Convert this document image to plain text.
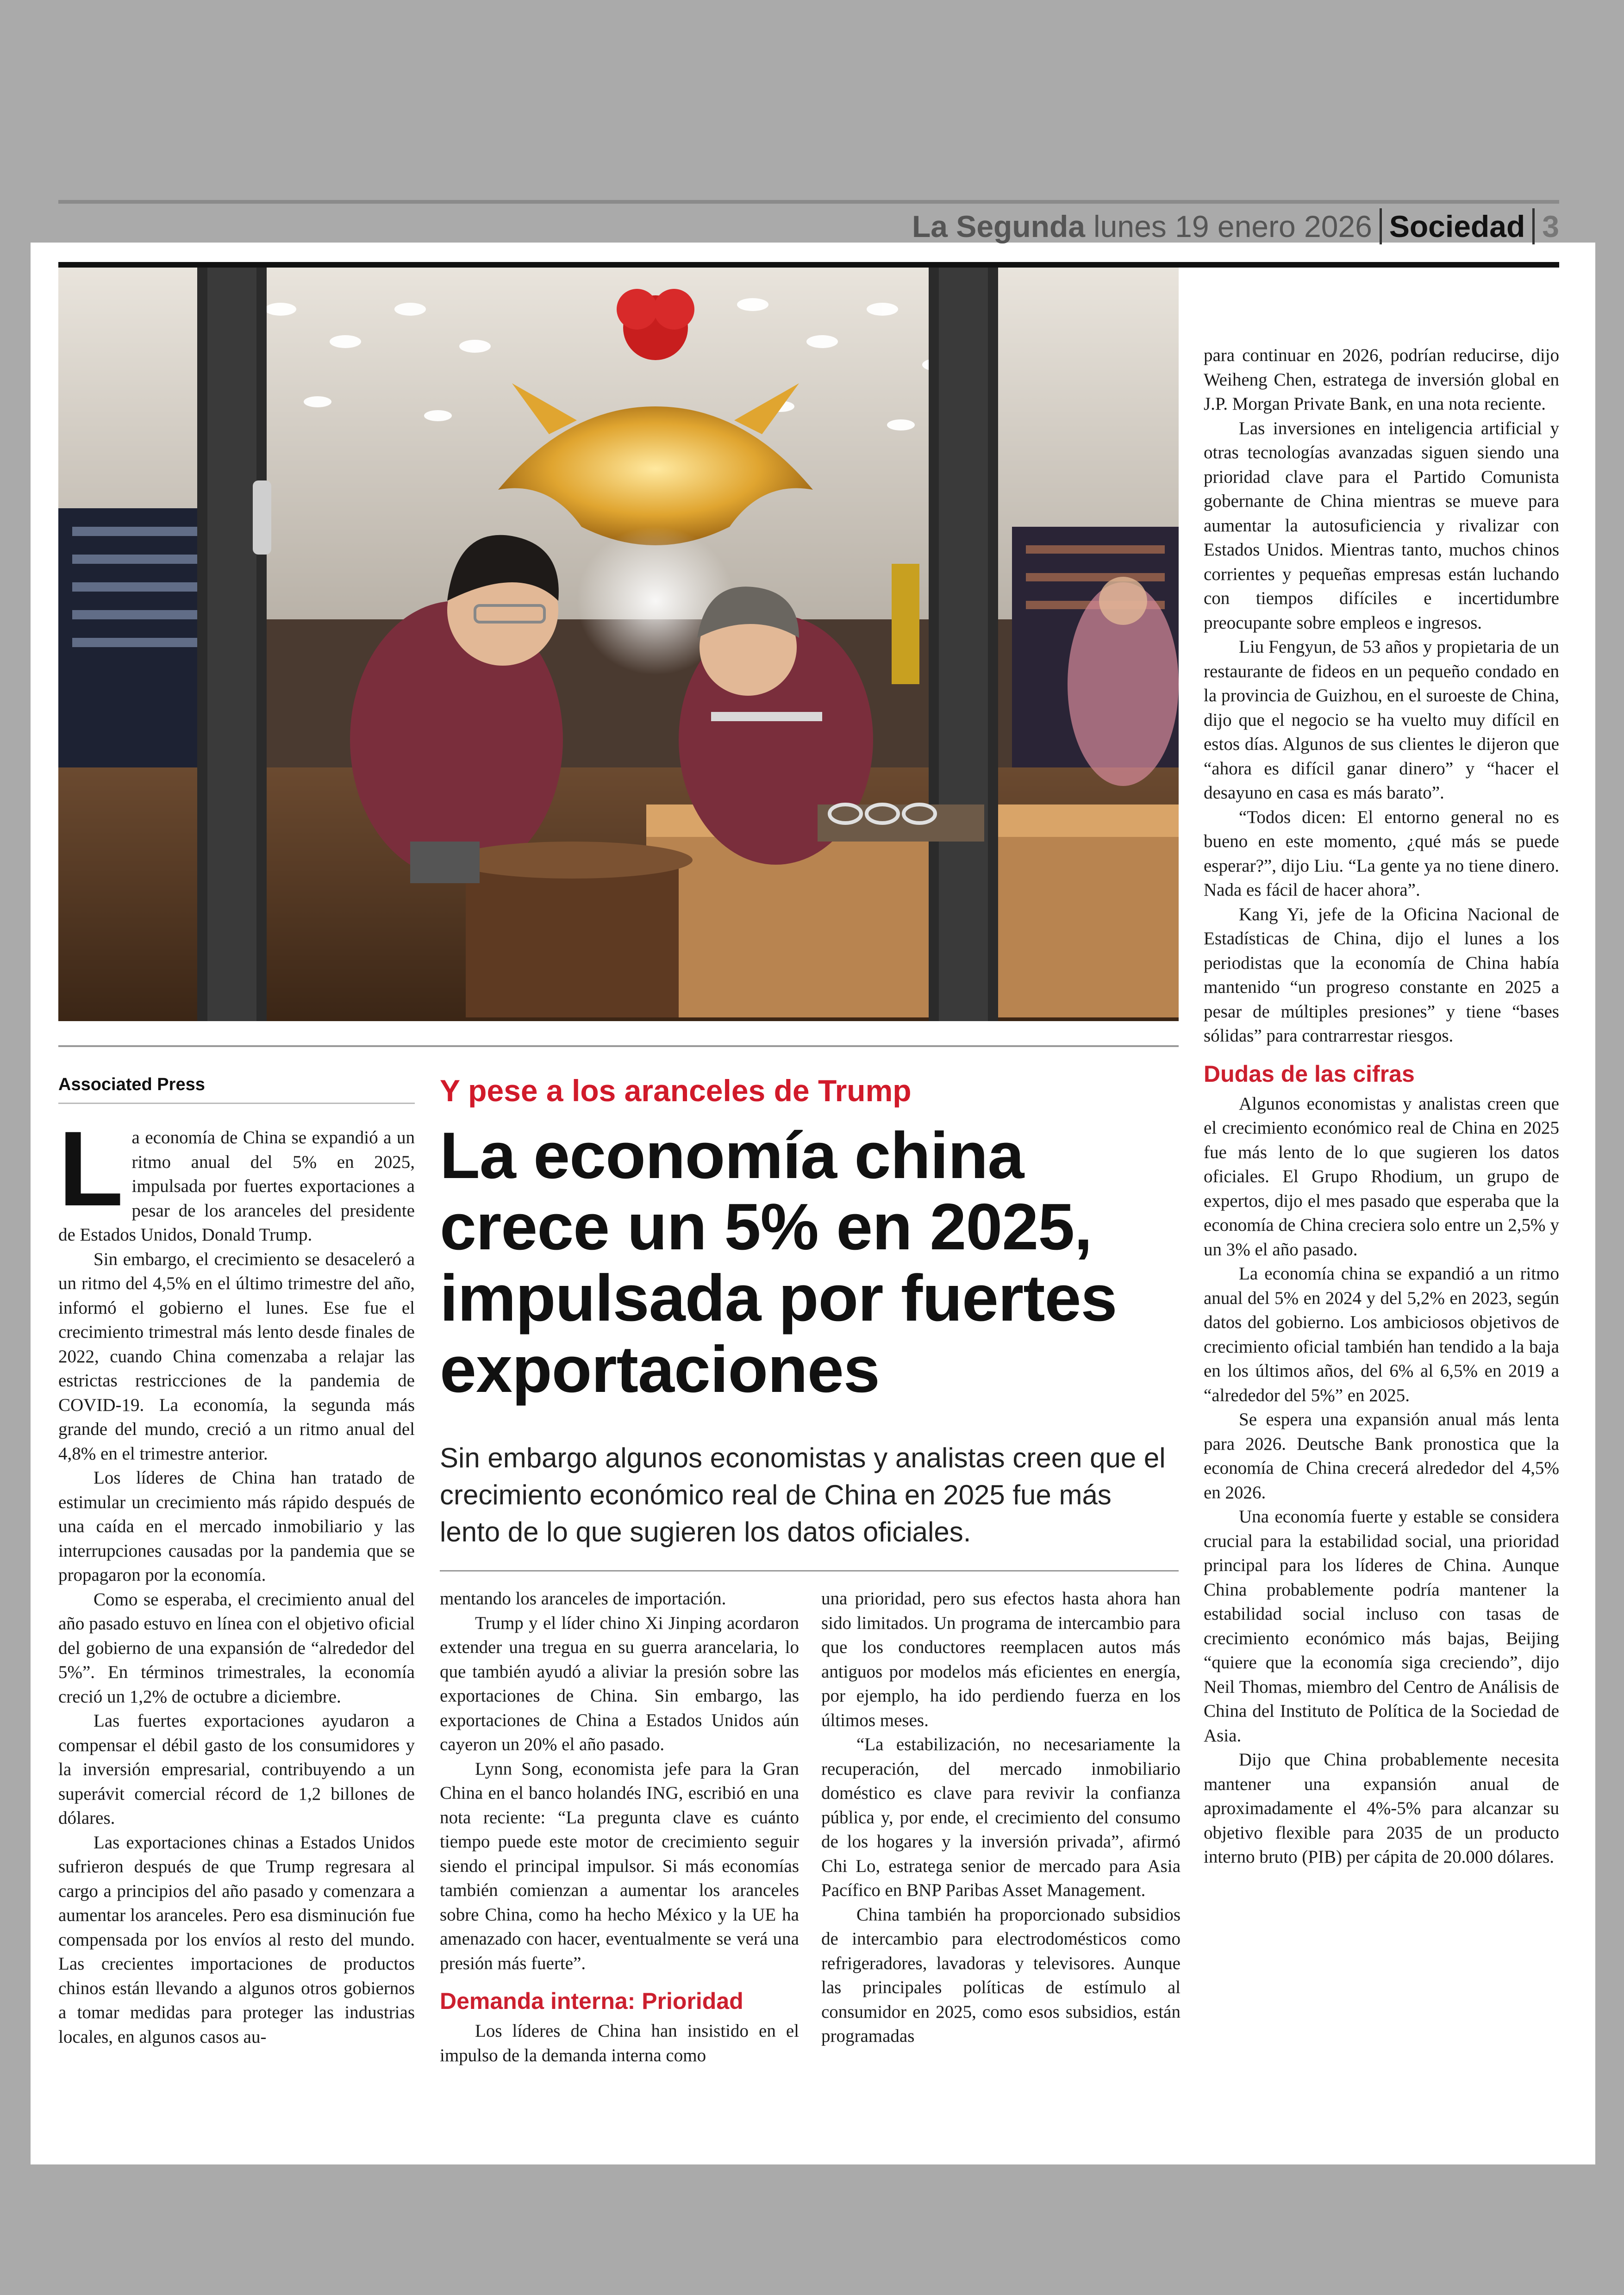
La Segunda lunes 19 enero 2026 Sociedad 3
Associated Press	Y pese a los aranceles de Trump
La economía china crece un 5% en 2025, impulsada por fuertes exportaciones
Sin embargo algunos economistas y analistas creen que el crecimiento económico real de China en 2025 fue más lento de lo que sugieren los datos oficiales.

La economía de China se expandió a un ritmo anual del 5% en 2025, impulsada por fuertes exportaciones a pesar de los aranceles del presidente de Estados Unidos, Donald Trump.

Sin embargo, el crecimiento se desaceleró a un ritmo del 4,5% en el último trimestre del año, informó el gobierno el lunes. Ese fue el crecimiento trimestral más lento desde finales de 2022, cuando China comenzaba a relajar las estrictas restricciones de la pandemia de COVID-19. La economía, la segunda más grande del mundo, creció a un ritmo anual del 4,8% en el trimestre anterior.

Los líderes de China han tratado de estimular un crecimiento más rápido después de una caída en el mercado inmobiliario y las interrupciones causadas por la pandemia que se propagaron por la economía.

Como se esperaba, el crecimiento anual del año pasado estuvo en línea con el objetivo oficial del gobierno de una expansión de “alrededor del 5%”. En términos trimestrales, la economía creció un 1,2% de octubre a diciembre.

Las fuertes exportaciones ayudaron a compensar el débil gasto de los consumidores y la inversión empresarial, contribuyendo a un superávit comercial récord de 1,2 billones de dólares.

Las exportaciones chinas a Estados Unidos sufrieron después de que Trump regresara al cargo a principios del año pasado y comenzara a aumentar los aranceles. Pero esa disminución fue compensada por los envíos al resto del mundo. Las crecientes importaciones de productos chinos están llevando a algunos otros gobiernos a tomar medidas para proteger las industrias locales, en algunos casos au-

mentando los aranceles de importación.

Trump y el líder chino Xi Jinping acordaron extender una tregua en su guerra arancelaria, lo que también ayudó a aliviar la presión sobre las exportaciones de China. Sin embargo, las exportaciones de China a Estados Unidos aún cayeron un 20% el año pasado.

Lynn Song, economista jefe para la Gran China en el banco holandés ING, escribió en una nota reciente: “La pregunta clave es cuánto tiempo puede este motor de crecimiento seguir siendo el principal impulsor. Si más economías también comienzan a aumentar los aranceles sobre China, como ha hecho México y la UE ha amenazado con hacer, eventualmente se verá una presión más fuerte”.

Demanda interna: Prioridad

Los líderes de China han insistido en el impulso de la demanda interna como

una prioridad, pero sus efectos hasta ahora han sido limitados. Un programa de intercambio para que los conductores reemplacen autos más antiguos por modelos más eficientes en energía, por ejemplo, ha ido perdiendo fuerza en los últimos meses.

“La estabilización, no necesariamente la recuperación, del mercado inmobiliario doméstico es clave para revivir la confianza pública y, por ende, el crecimiento del consumo de los hogares y la inversión privada”, afirmó Chi Lo, estratega senior de mercado para Asia Pacífico en BNP Paribas Asset Management.

China también ha proporcionado subsidios de intercambio para electrodomésticos como refrigeradores, lavadoras y televisores. Aunque las principales políticas de estímulo al consumidor en 2025, como esos subsidios, están programadas

para continuar en 2026, podrían reducirse, dijo Weiheng Chen, estratega de inversión global en J.P. Morgan Private Bank, en una nota reciente.

Las inversiones en inteligencia artificial y otras tecnologías avanzadas siguen siendo una prioridad clave para el Partido Comunista gobernante de China mientras se mueve para aumentar la autosuficiencia y rivalizar con Estados Unidos. Mientras tanto, muchos chinos corrientes y pequeñas empresas están luchando con tiempos difíciles e incertidumbre preocupante sobre empleos e ingresos.

Liu Fengyun, de 53 años y propietaria de un restaurante de fideos en un pequeño condado en la provincia de Guizhou, en el suroeste de China, dijo que el negocio se ha vuelto muy difícil en estos días. Algunos de sus clientes le dijeron que “ahora es difícil ganar dinero” y “hacer el desayuno en casa es más barato”.

“Todos dicen: El entorno general no es bueno en este momento, ¿qué más se puede esperar?”, dijo Liu. “La gente ya no tiene dinero. Nada es fácil de hacer ahora”.

Kang Yi, jefe de la Oficina Nacional de Estadísticas de China, dijo el lunes a los periodistas que la economía de China había mantenido “un progreso constante en 2025 a pesar de múltiples presiones” y tiene “bases sólidas” para contrarrestar riesgos.

Dudas de las cifras

Algunos economistas y analistas creen que el crecimiento económico real de China en 2025 fue más lento de lo que sugieren los datos oficiales. El Grupo Rhodium, un grupo de expertos, dijo el mes pasado que esperaba que la economía de China creciera solo entre un 2,5% y un 3% el año pasado.

La economía china se expandió a un ritmo anual del 5% en 2024 y del 5,2% en 2023, según datos del gobierno. Los ambiciosos objetivos de crecimiento oficial también han tendido a la baja en los últimos años, del 6% al 6,5% en 2019 a “alrededor del 5%” en 2025.

Se espera una expansión anual más lenta para 2026. Deutsche Bank pronostica que la economía de China crecerá alrededor del 4,5% en 2026.

Una economía fuerte y estable se considera crucial para la estabilidad social, una prioridad principal para los líderes de China. Aunque China probablemente podría mantener la estabilidad social incluso con tasas de crecimiento económico más bajas, Beijing “quiere que la economía siga creciendo”, dijo Neil Thomas, miembro del Centro de Análisis de China del Instituto de Política de la Sociedad de Asia.

Dijo que China probablemente necesita mantener una expansión anual de aproximadamente el 4%-5% para alcanzar su objetivo flexible para 2035 de un producto interno bruto (PIB) per cápita de 20.000 dólares.
